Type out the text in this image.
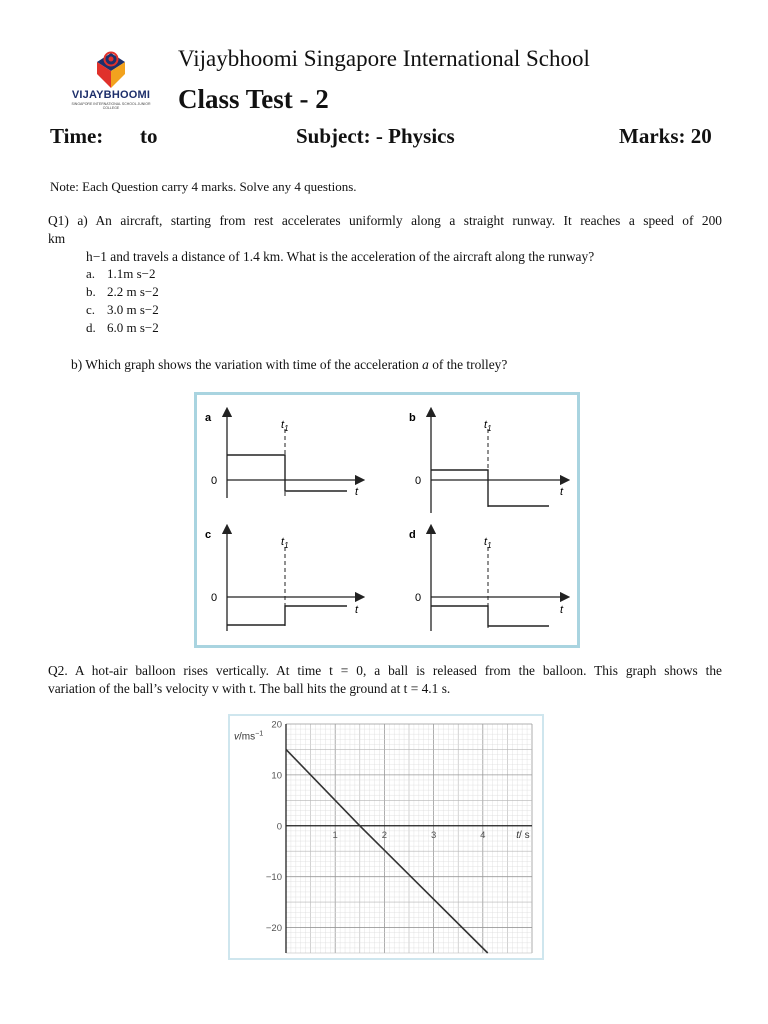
VIJAYBHOOMI
SINGAPORE INTERNATIONAL SCHOOL JUNIOR COLLEGE
Vijaybhoomi Singapore International School
Class Test - 2
Time: to	Subject: - Physics	Marks: 20
Note: Each Question carry 4 marks. Solve any 4 questions.
Q1) a) An aircraft, starting from rest accelerates uniformly along a straight runway. It reaches a speed of 200
km
h−1 and travels a distance of 1.4 km. What is the acceleration of the aircraft along the runway?
a. 1.1m s−2
b. 2.2 m s−2
c. 3.0 m s−2
d. 6.0 m s−2
b) Which graph shows the variation with time of the acceleration a of the trolley?
a
$t_1$
0
t
b
$t_1$
0
t
c
$t_1$
0
t
d
$t_1$
0
t
Q2. A hot-air balloon rises vertically. At time t = 0, a ball is released from the balloon. This graph shows the
variation of the ball’s velocity v with t. The ball hits the ground at t = 4.1 s.
20
10
0
−10
−20
1	2	3	4
$v/ms^{-1}$
t/ s
